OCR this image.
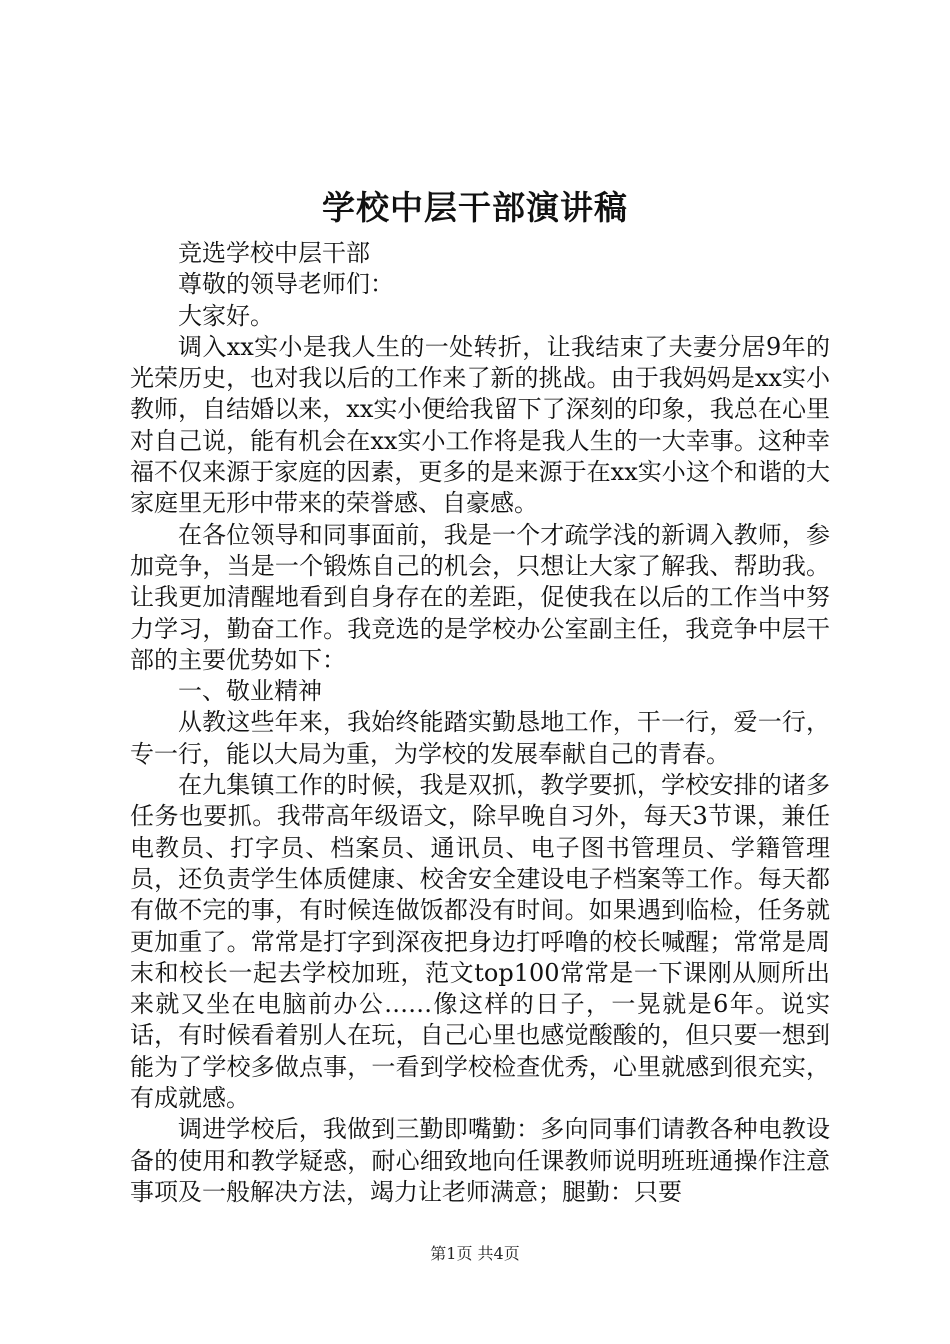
学校中层干部演讲稿

竞选学校中层干部

尊敬的领导老师们：

大家好。

调入xx实小是我人生的一处转折，让我结束了夫妻分居9年的光荣历史，也对我以后的工作来了新的挑战。由于我妈妈是xx实小教师，自结婚以来，xx实小便给我留下了深刻的印象，我总在心里对自己说，能有机会在xx实小工作将是我人生的一大幸事。这种幸福不仅来源于家庭的因素，更多的是来源于在xx实小这个和谐的大家庭里无形中带来的荣誉感、自豪感。

在各位领导和同事面前，我是一个才疏学浅的新调入教师，参加竞争，当是一个锻炼自己的机会，只想让大家了解我、帮助我。让我更加清醒地看到自身存在的差距，促使我在以后的工作当中努力学习，勤奋工作。我竞选的是学校办公室副主任，我竞争中层干部的主要优势如下：

一、敬业精神

从教这些年来，我始终能踏实勤恳地工作，干一行，爱一行，专一行，能以大局为重，为学校的发展奉献自己的青春。

在九集镇工作的时候，我是双抓，教学要抓，学校安排的诸多任务也要抓。我带高年级语文，除早晚自习外，每天3节课，兼任电教员、打字员、档案员、通讯员、电子图书管理员、学籍管理员，还负责学生体质健康、校舍安全建设电子档案等工作。每天都有做不完的事，有时候连做饭都没有时间。如果遇到临检，任务就更加重了。常常是打字到深夜把身边打呼噜的校长喊醒；常常是周末和校长一起去学校加班，范文top100常常是一下课刚从厕所出来就又坐在电脑前办公……像这样的日子，一晃就是6年。说实话，有时候看着别人在玩，自己心里也感觉酸酸的，但只要一想到能为了学校多做点事，一看到学校检查优秀，心里就感到很充实，有成就感。

调进学校后，我做到三勤即嘴勤：多向同事们请教各种电教设备的使用和教学疑惑，耐心细致地向任课教师说明班班通操作注意事项及一般解决方法，竭力让老师满意；腿勤：只要

第1页 共4页
